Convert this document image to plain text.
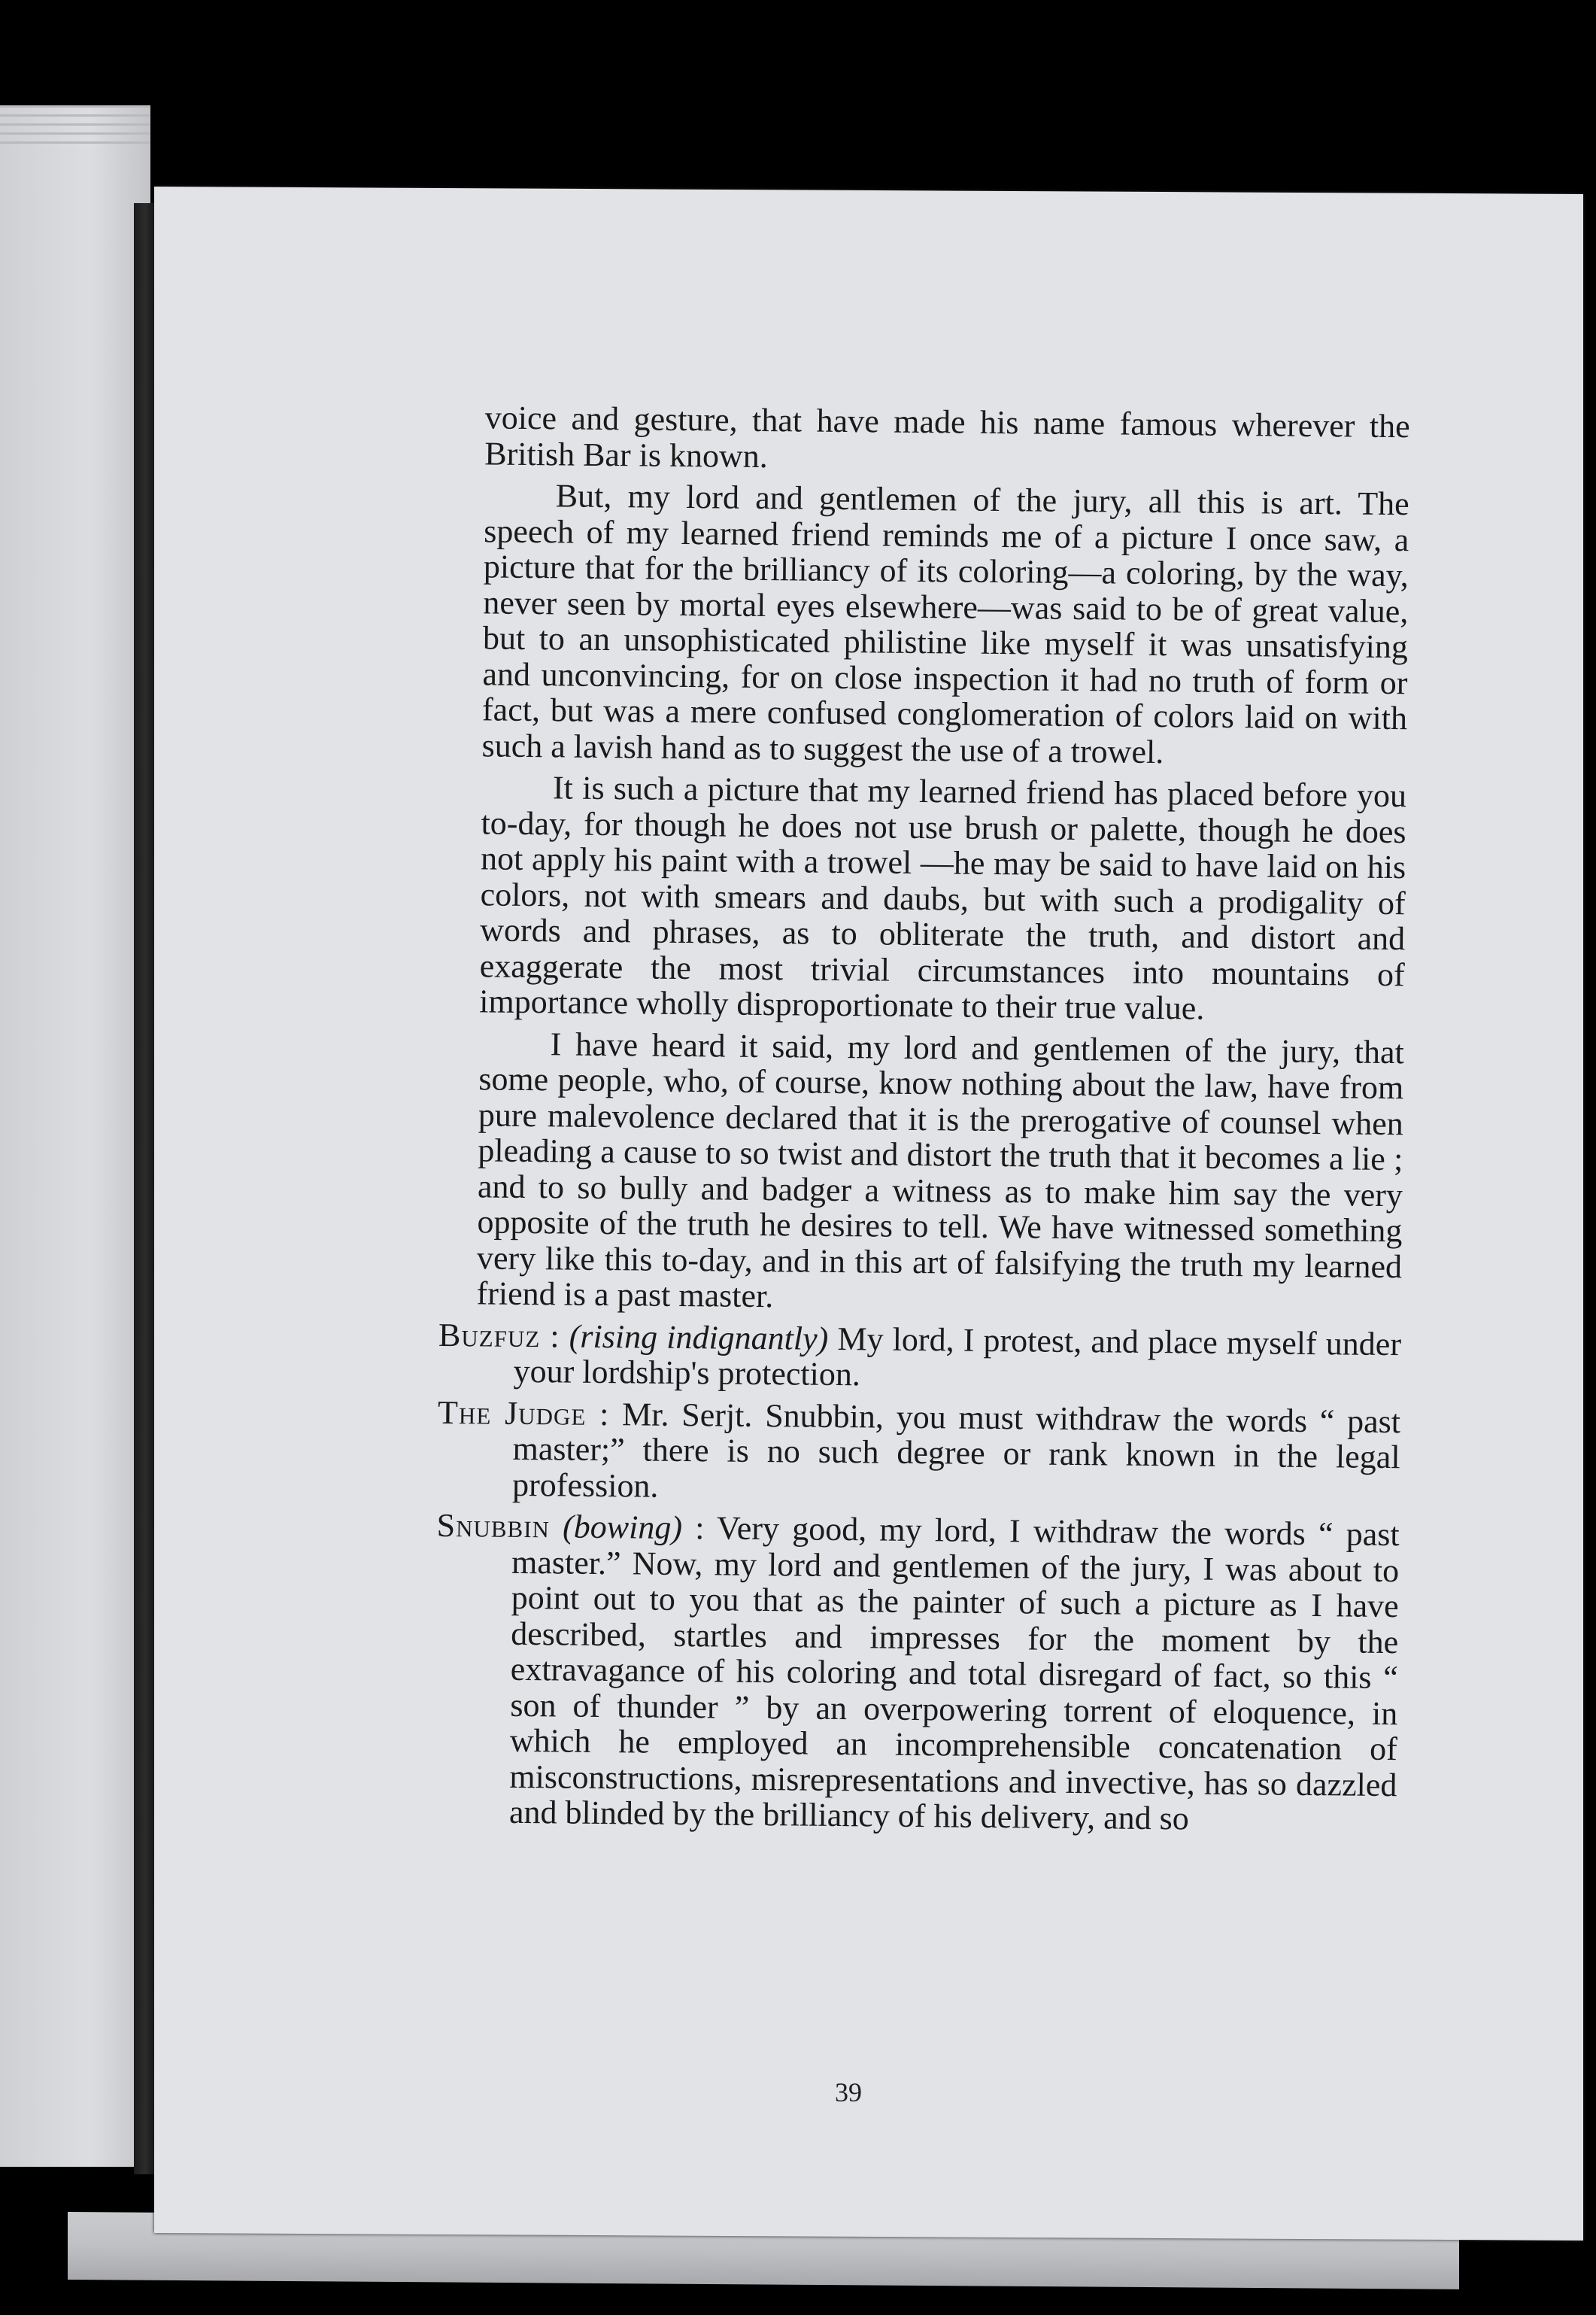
voice and gesture, that have made his name famous wherever the British Bar is known.

But, my lord and gentlemen of the jury, all this is art. The speech of my learned friend reminds me of a picture I once saw, a picture that for the brilliancy of its coloring—a coloring, by the way, never seen by mortal eyes elsewhere—was said to be of great value, but to an unsophisticated philistine like myself it was unsatisfying and unconvincing, for on close inspection it had no truth of form or fact, but was a mere confused conglomeration of colors laid on with such a lavish hand as to suggest the use of a trowel.

It is such a picture that my learned friend has placed before you to-day, for though he does not use brush or palette, though he does not apply his paint with a trowel —he may be said to have laid on his colors, not with smears and daubs, but with such a prodigality of words and phrases, as to obliterate the truth, and distort and exaggerate the most trivial circumstances into mountains of importance wholly disproportionate to their true value.

I have heard it said, my lord and gentlemen of the jury, that some people, who, of course, know nothing about the law, have from pure malevolence declared that it is the prerogative of counsel when pleading a cause to so twist and distort the truth that it becomes a lie ; and to so bully and badger a witness as to make him say the very opposite of the truth he desires to tell. We have witnessed something very like this to-day, and in this art of falsifying the truth my learned friend is a past master.

Buzfuz : (rising indignantly) My lord, I protest, and place myself under your lordship's protection.

The Judge : Mr. Serjt. Snubbin, you must withdraw the words “ past master;” there is no such degree or rank known in the legal profession.

Snubbin (bowing) : Very good, my lord, I withdraw the words “ past master.” Now, my lord and gentlemen of the jury, I was about to point out to you that as the painter of such a picture as I have described, startles and impresses for the moment by the extravagance of his coloring and total disregard of fact, so this “ son of thunder ” by an overpowering torrent of eloquence, in which he employed an incomprehensible concatenation of misconstructions, misrepresentations and invective, has so dazzled and blinded by the brilliancy of his delivery, and so

39
